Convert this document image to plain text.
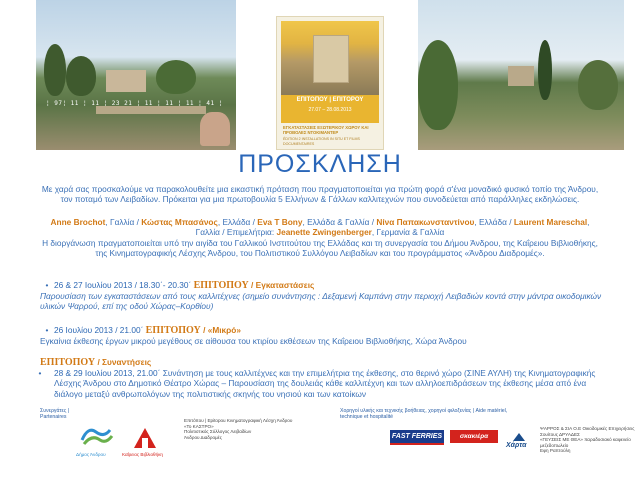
¦ 97¦ 11 ¦ 11 ¦ 23 21 ¦ 11 ¦ 11 ¦ 11 ¦ 41 ¦	ΕΠΙΤΟΠΟΥ | ΕΠΙΤΟΡΟΥ
27.07 – 28.08.2013
ΕΓΚΑΤΑΣΤΑΣΕΙΣ ΕΞΩΤΕΡΙΚΟΥ ΧΩΡΟΥ ΚΑΙ ΠΡΟΒΟΛΕΣ ΝΤΟΚΙΜΑΝΤΕΡ
ÉDITION 2 INSTALLATIONS IN SITU ET FILMS DOCUMENTAIRES
ΠΡΟΣΚΛΗΣΗ
Με χαρά σας προσκαλούμε να παρακολουθείτε μια εικαστική πρόταση που πραγματοποιείται για πρώτη φορά σ'ένα μοναδικό φυσικό τοπίο της Άνδρου, τον ποταμό των Λειβαδίων. Πρόκειται για μια πρωτοβουλία 5 Ελλήνων & Γάλλων καλλιτεχνών που συνοδεύεται από παράλληλες εκδηλώσεις.
Anne Brochot, Γαλλία / Κώστας Μπασάνος, Ελλάδα / Eva T Bony, Ελλάδα & Γαλλία / Νίνα Παπακωνσταντίνου, Ελλάδα / Laurent Mareschal, Γαλλία / Επιμελήτρια: Jeanette Zwingenberger, Γερμανία & Γαλλία
Η διοργάνωση πραγματοποιείται υπό την αιγίδα του Γαλλικού Ινστιτούτου της Ελλάδας και τη συνεργασία του Δήμου Άνδρου, της Καΐρειου Βιβλιοθήκης, της Κινηματογραφικής Λέσχης Άνδρου, του Πολιτιστικού Συλλόγου Λειβαδίων και του προγράμματος «Άνδρου Διαδρομές».
• 26 & 27 Ιουλίου 2013 / 18.30΄- 20.30΄ ΕΠΙΤΟΠΟΥ / Εγκαταστάσεις
Παρουσίαση των εγκαταστάσεων από τους καλλιτέχνες (σημείο συνάντησης : Δεξαμενή Καμπάνη στην περιοχή Λειβαδιών κοντά στην μάντρα οικοδομικών υλικών Ψαρρού, επί της οδού Χώρας–Κορθίου)
• 26 Ιουλίου 2013 / 21.00΄ ΕΠΙΤΟΠΟΥ / «Μικρό»
Εγκαίνια έκθεσης έργων μικρού μεγέθους σε αίθουσα του κτιρίου εκθέσεων της Καΐρειου Βιβλιοθήκης, Χώρα Άνδρου
ΕΠΙΤΟΠΟΥ / Συναντήσεις
• 28 & 29 Ιουλίου 2013, 21.00΄ Συνάντηση με τους καλλιτέχνες και την επιμελήτρια της έκθεσης, στο θερινό χώρο (ΣΙΝΕ ΑΥΛΗ) της Κινηματογραφικής Λέσχης Άνδρου στο Δημοτικό Θέατρο Χώρας – Παρουσίαση της δουλειάς κάθε καλλιτέχνη και των αλληλοεπιδράσεων της έκθεσης μέσα από ένα διάλογο μεταξύ ανθρωπολόγων της πολιτιστικής σκηνής του νησιού και των κατοίκων
Συνεργάτες | Partenaires
Δήμος Άνδρου	Καΐρειος Βιβλιοθήκη
Επιτόπου | Epitopou Κινηματογραφική Λέσχη Άνδρου
«Το ΚΑΣΤΡΟ»
Πολιτιστικός Σύλλογος Λειβαδίων
Άνδρου Διαδρομές
Χορηγοί υλικής και τεχνικής βοήθειας, χορηγοί φιλοξενίας | Aide matériel, technique et hospitalité
FAST FERRIES	σκακιέρα
Χάρτα
ΨΑΡΡΟΣ & ΣΙΑ Ο.Ε Οικοδομικές Επιχειρήσεις
Σουίτους ΔΡΥΑΔΕΣ
«ΓΕΥΣΕΙΣ ΜΕ ΘΕΑ» παραδοσιακό καφενείο
μεζεδοπωλείο
Εφη Ραπτούλη
